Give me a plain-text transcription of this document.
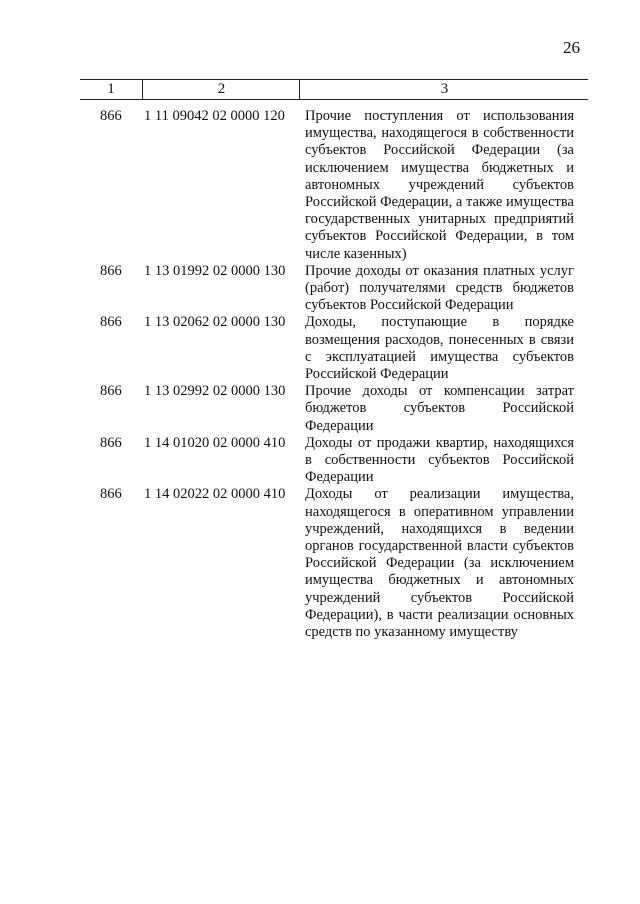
26
1	2	3
866	1 11 09042 02 0000 120	Прочие поступления от использования имущества, находящегося в собственности субъектов Российской Федерации (за исключением имущества бюджетных и автономных учреждений субъектов Российской Федерации, а также имущества государственных унитарных предприятий субъектов Российской Федерации, в том числе казенных)
866	1 13 01992 02 0000 130	Прочие доходы от оказания платных услуг (работ) получателями средств бюджетов субъектов Российской Федерации
866	1 13 02062 02 0000 130	Доходы, поступающие в порядке возмещения расходов, понесенных в связи с эксплуатацией имущества субъектов Российской Федерации
866	1 13 02992 02 0000 130	Прочие доходы от компенсации затрат бюджетов субъектов Российской Федерации
866	1 14 01020 02 0000 410	Доходы от продажи квартир, находящихся в собственности субъектов Российской Федерации
866	1 14 02022 02 0000 410	Доходы от реализации имущества, находящегося в оперативном управлении учреждений, находящихся в ведении органов государственной власти субъектов Российской Федерации (за исключением имущества бюджетных и автономных учреждений субъектов Российской Федерации), в части реализации основных средств по указанному имуществу
